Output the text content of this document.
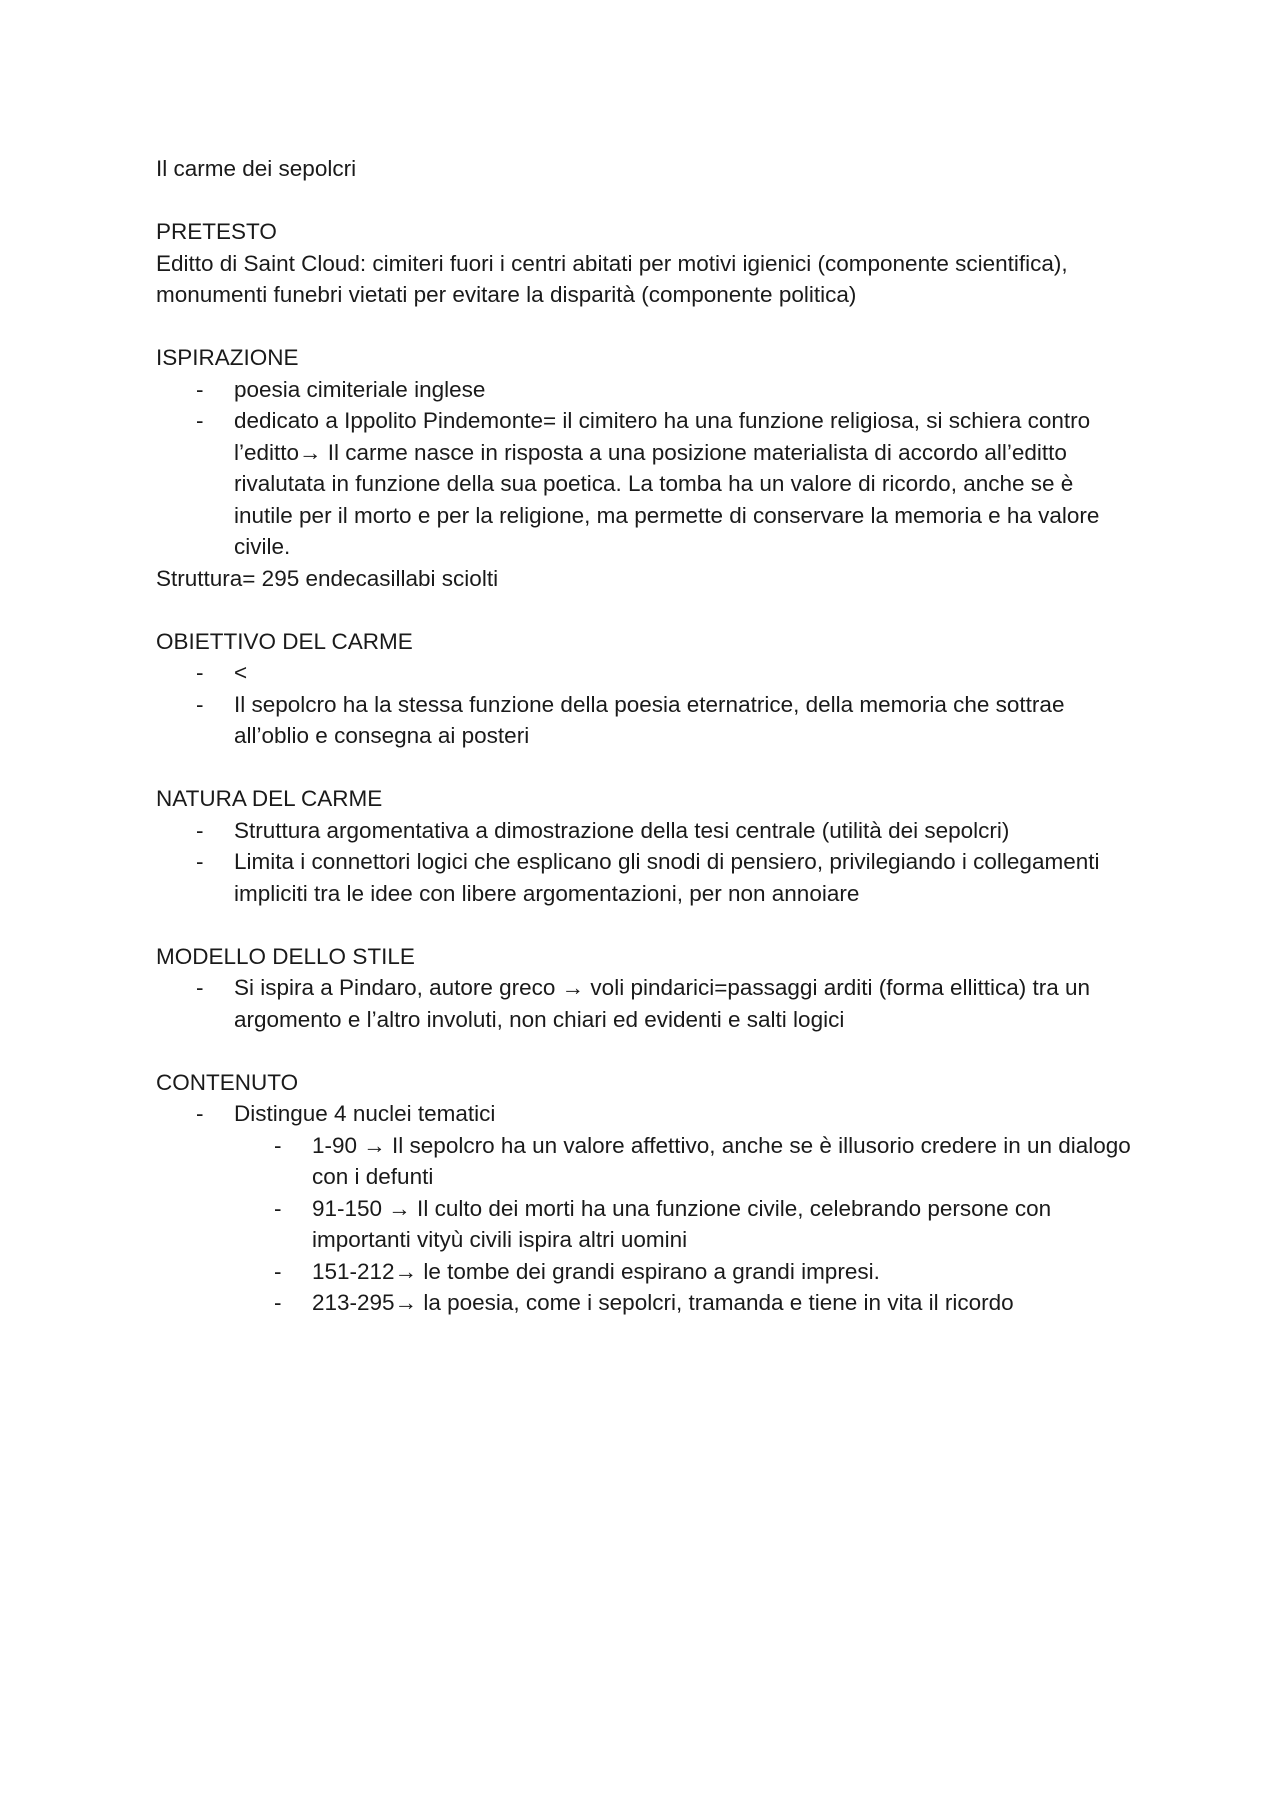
Il carme dei sepolcri

PRETESTO

Editto di Saint Cloud: cimiteri fuori i centri abitati per motivi igienici (componente scientifica), monumenti funebri vietati per evitare la disparità (componente politica)

ISPIRAZIONE

- poesia cimiteriale inglese
- dedicato a Ippolito Pindemonte= il cimitero ha una funzione religiosa, si schiera contro l’editto→ Il carme nasce in risposta a una posizione materialista di accordo all’editto rivalutata in funzione della sua poetica. La tomba ha un valore di ricordo, anche se è inutile per il morto e per la religione, ma permette di conservare la memoria e ha valore civile.

Struttura= 295 endecasillabi sciolti

OBIETTIVO DEL CARME

- <
- Il sepolcro ha la stessa funzione della poesia eternatrice, della memoria che sottrae all’oblio e consegna ai posteri

NATURA DEL CARME

- Struttura argomentativa a dimostrazione della tesi centrale (utilità dei sepolcri)
- Limita i connettori logici che esplicano gli snodi di pensiero, privilegiando i collegamenti impliciti tra le idee con libere argomentazioni, per non annoiare

MODELLO DELLO STILE

- Si ispira a Pindaro, autore greco → voli pindarici=passaggi arditi (forma ellittica) tra un argomento e l’altro involuti, non chiari ed evidenti e salti logici

CONTENUTO

- Distingue 4 nuclei tematici
- 1-90 → Il sepolcro ha un valore affettivo, anche se è illusorio credere in un dialogo con i defunti
- 91-150 → Il culto dei morti ha una funzione civile, celebrando persone con importanti vityù civili ispira altri uomini
- 151-212→ le tombe dei grandi espirano a grandi impresi.
- 213-295→ la poesia, come i sepolcri, tramanda e tiene in vita il ricordo
